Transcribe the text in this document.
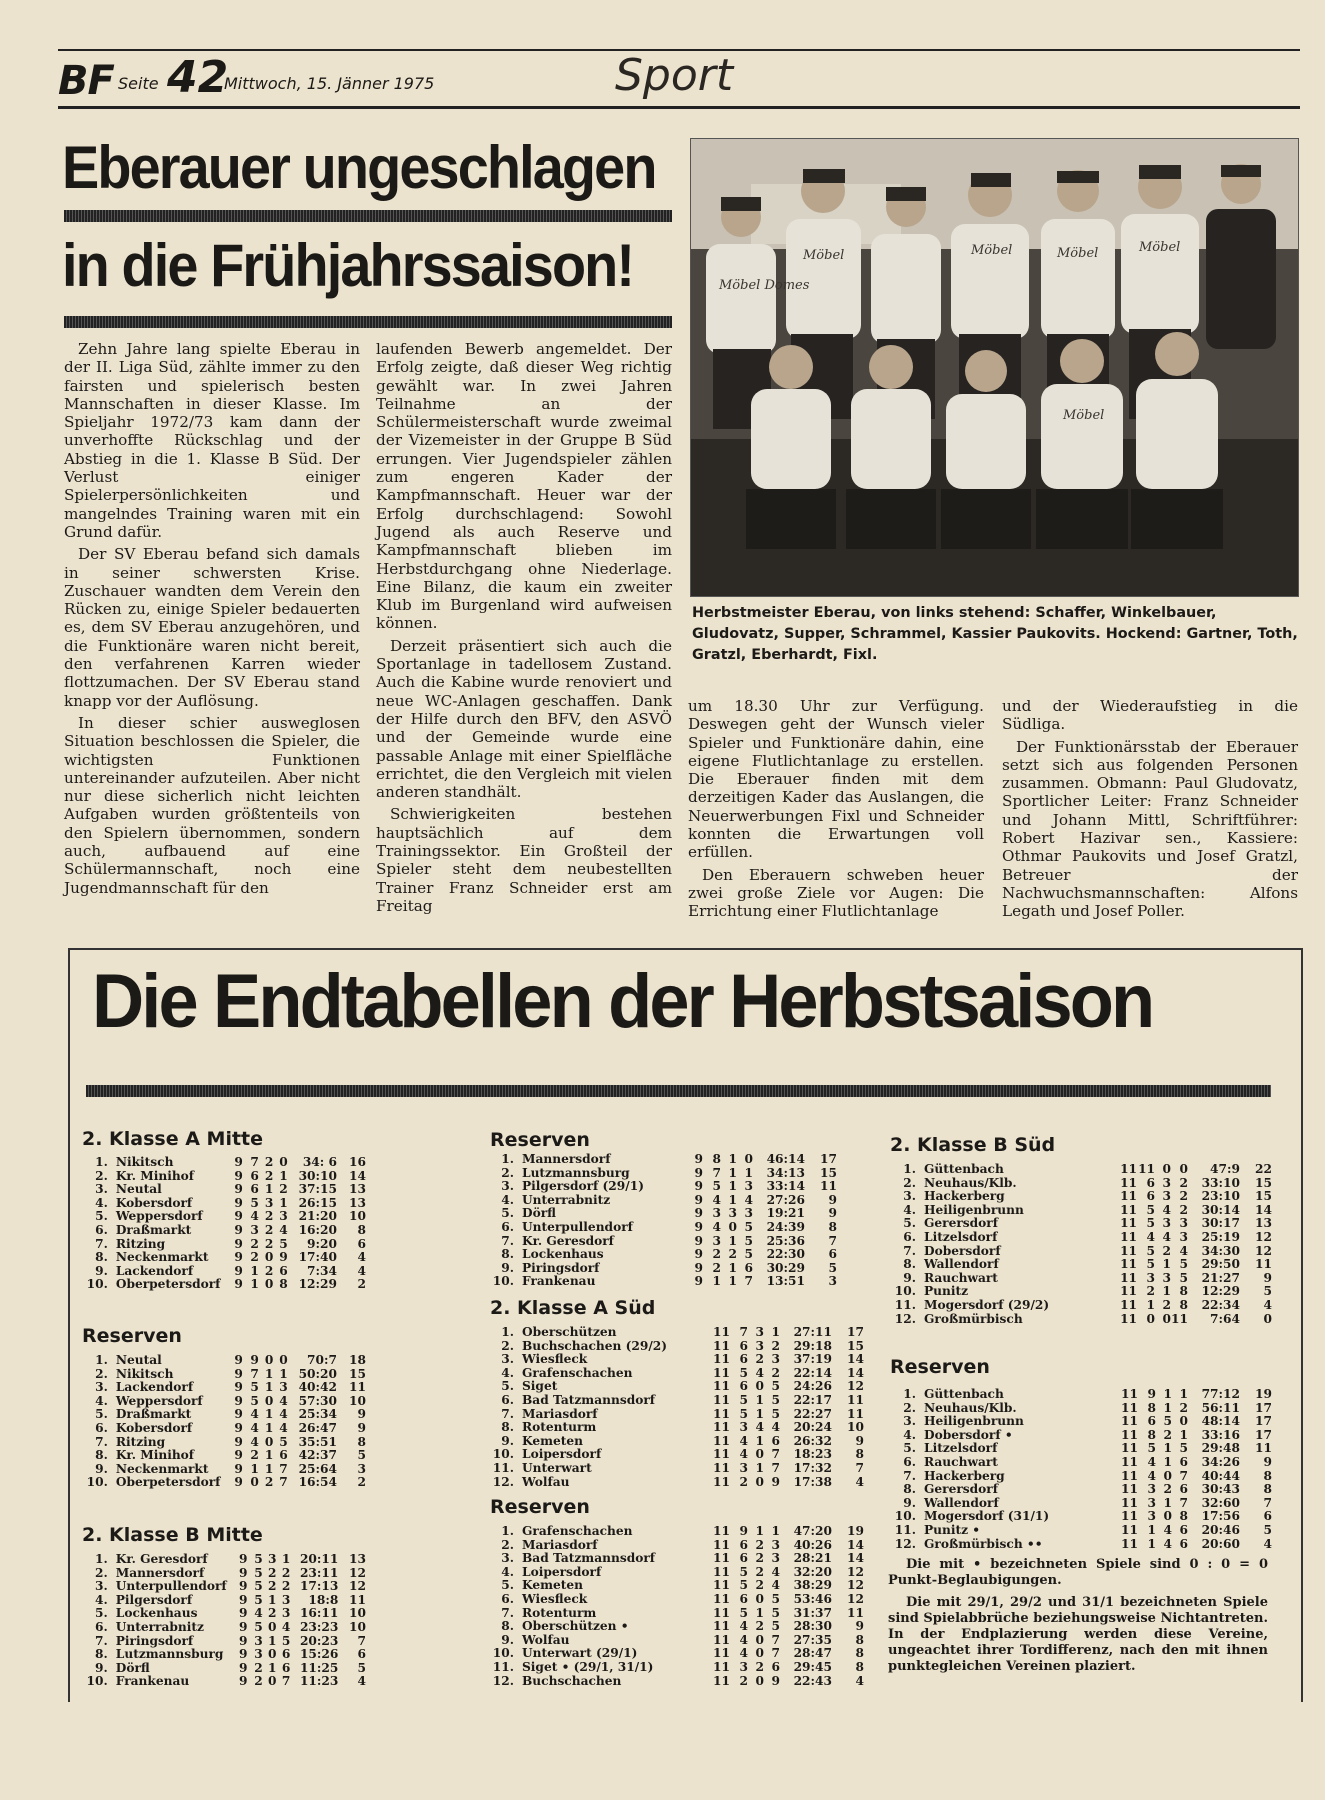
BF Seite 42
Mittwoch, 15. Jänner 1975	Sport
Eberauer ungeschlagen
in die Frühjahrssaison!

Zehn Jahre lang spielte Eberau in der II. Liga Süd, zählte immer zu den fairsten und spielerisch besten Mannschaften in dieser Klasse. Im Spieljahr 1972/73 kam dann der unverhoffte Rückschlag und der Abstieg in die 1. Klasse B Süd. Der Verlust einiger Spielerpersönlichkeiten und mangelndes Training waren mit ein Grund dafür.

Der SV Eberau befand sich damals in seiner schwersten Krise. Zuschauer wandten dem Verein den Rücken zu, einige Spieler bedauerten es, dem SV Eberau anzugehören, und die Funktionäre waren nicht bereit, den verfahrenen Karren wieder flottzumachen. Der SV Eberau stand knapp vor der Auflösung.

In dieser schier ausweglosen Situation beschlossen die Spieler, die wichtigsten Funktionen untereinander aufzuteilen. Aber nicht nur diese sicherlich nicht leichten Aufgaben wurden größtenteils von den Spielern übernommen, sondern auch, aufbauend auf eine Schülermannschaft, noch eine Jugendmannschaft für den

laufenden Bewerb angemeldet. Der Erfolg zeigte, daß dieser Weg richtig gewählt war. In zwei Jahren Teilnahme an der Schülermeisterschaft wurde zweimal der Vizemeister in der Gruppe B Süd errungen. Vier Jugendspieler zählen zum engeren Kader der Kampfmannschaft. Heuer war der Erfolg durchschlagend: Sowohl Jugend als auch Reserve und Kampfmannschaft blieben im Herbstdurchgang ohne Niederlage. Eine Bilanz, die kaum ein zweiter Klub im Burgenland wird aufweisen können.

Derzeit präsentiert sich auch die Sportanlage in tadellosem Zustand. Auch die Kabine wurde renoviert und neue WC-Anlagen geschaffen. Dank der Hilfe durch den BFV, den ASVÖ und der Gemeinde wurde eine passable Anlage mit einer Spielfläche errichtet, die den Vergleich mit vielen anderen standhält.

Schwierigkeiten bestehen hauptsächlich auf dem Trainingssektor. Ein Großteil der Spieler steht dem neubestellten Trainer Franz Schneider erst am Freitag

um 18.30 Uhr zur Verfügung. Deswegen geht der Wunsch vieler Spieler und Funktionäre dahin, eine eigene Flutlichtanlage zu erstellen. Die Eberauer finden mit dem derzeitigen Kader das Auslangen, die Neuerwerbungen Fixl und Schneider konnten die Erwartungen voll erfüllen.

Den Eberauern schweben heuer zwei große Ziele vor Augen: Die Errichtung einer Flutlichtanlage

und der Wiederaufstieg in die Südliga.

Der Funktionärsstab der Eberauer setzt sich aus folgenden Personen zusammen. Obmann: Paul Gludovatz, Sportlicher Leiter: Franz Schneider und Johann Mittl, Schriftführer: Robert Hazivar sen., Kassiere: Othmar Paukovits und Josef Gratzl, Betreuer der Nachwuchsmannschaften: Alfons Legath und Josef Poller.

Möbel Domes
Möbel	Möbel	Möbel	Möbel
Möbel
Herbstmeister Eberau, von links stehend: Schaffer, Winkelbauer, Gludovatz, Supper, Schrammel, Kassier Paukovits. Hockend: Gartner, Toth, Gratzl, Eberhardt, Fixl.
Die Endtabellen der Herbstsaison
2. Klasse A Mitte
1.	Nikitsch	9	7	2	0	34: 6	16
2.	Kr. Minihof	9	6	2	1	30:10	14
3.	Neutal	9	6	1	2	37:15	13
4.	Kobersdorf	9	5	3	1	26:15	13
5.	Weppersdorf	9	4	2	3	21:20	10
6.	Draßmarkt	9	3	2	4	16:20	8
7.	Ritzing	9	2	2	5	9:20	6
8.	Neckenmarkt	9	2	0	9	17:40	4
9.	Lackendorf	9	1	2	6	7:34	4
10.	Oberpetersdorf	9	1	0	8	12:29	2
Reserven
1.	Neutal	9	9	0	0	70:7	18
2.	Nikitsch	9	7	1	1	50:20	15
3.	Lackendorf	9	5	1	3	40:42	11
4.	Weppersdorf	9	5	0	4	57:30	10
5.	Draßmarkt	9	4	1	4	25:34	9
6.	Kobersdorf	9	4	1	4	26:47	9
7.	Ritzing	9	4	0	5	35:51	8
8.	Kr. Minihof	9	2	1	6	42:37	5
9.	Neckenmarkt	9	1	1	7	25:64	3
10.	Oberpetersdorf	9	0	2	7	16:54	2
2. Klasse B Mitte
1.	Kr. Geresdorf	9	5	3	1	20:11	13
2.	Mannersdorf	9	5	2	2	23:11	12
3.	Unterpullendorf	9	5	2	2	17:13	12
4.	Pilgersdorf	9	5	1	3	18:8	11
5.	Lockenhaus	9	4	2	3	16:11	10
6.	Unterrabnitz	9	5	0	4	23:23	10
7.	Piringsdorf	9	3	1	5	20:23	7
8.	Lutzmannsburg	9	3	0	6	15:26	6
9.	Dörfl	9	2	1	6	11:25	5
10.	Frankenau	9	2	0	7	11:23	4
Reserven
1.	Mannersdorf	9	8	1	0	46:14	17
2.	Lutzmannsburg	9	7	1	1	34:13	15
3.	Pilgersdorf (29/1)	9	5	1	3	33:14	11
4.	Unterrabnitz	9	4	1	4	27:26	9
5.	Dörfl	9	3	3	3	19:21	9
6.	Unterpullendorf	9	4	0	5	24:39	8
7.	Kr. Geresdorf	9	3	1	5	25:36	7
8.	Lockenhaus	9	2	2	5	22:30	6
9.	Piringsdorf	9	2	1	6	30:29	5
10.	Frankenau	9	1	1	7	13:51	3
2. Klasse A Süd
1.	Oberschützen	11	7	3	1	27:11	17
2.	Buchschachen (29/2)	11	6	3	2	29:18	15
3.	Wiesfleck	11	6	2	3	37:19	14
4.	Grafenschachen	11	5	4	2	22:14	14
5.	Siget	11	6	0	5	24:26	12
6.	Bad Tatzmannsdorf	11	5	1	5	22:17	11
7.	Mariasdorf	11	5	1	5	22:27	11
8.	Rotenturm	11	3	4	4	20:24	10
9.	Kemeten	11	4	1	6	26:32	9
10.	Loipersdorf	11	4	0	7	18:23	8
11.	Unterwart	11	3	1	7	17:32	7
12.	Wolfau	11	2	0	9	17:38	4
Reserven
1.	Grafenschachen	11	9	1	1	47:20	19
2.	Mariasdorf	11	6	2	3	40:26	14
3.	Bad Tatzmannsdorf	11	6	2	3	28:21	14
4.	Loipersdorf	11	5	2	4	32:20	12
5.	Kemeten	11	5	2	4	38:29	12
6.	Wiesfleck	11	6	0	5	53:46	12
7.	Rotenturm	11	5	1	5	31:37	11
8.	Oberschützen •	11	4	2	5	28:30	9
9.	Wolfau	11	4	0	7	27:35	8
10.	Unterwart (29/1)	11	4	0	7	28:47	8
11.	Siget • (29/1, 31/1)	11	3	2	6	29:45	8
12.	Buchschachen	11	2	0	9	22:43	4
2. Klasse B Süd
1.	Güttenbach	11	11	0	0	47:9	22
2.	Neuhaus/Klb.	11	6	3	2	33:10	15
3.	Hackerberg	11	6	3	2	23:10	15
4.	Heiligenbrunn	11	5	4	2	30:14	14
5.	Gerersdorf	11	5	3	3	30:17	13
6.	Litzelsdorf	11	4	4	3	25:19	12
7.	Dobersdorf	11	5	2	4	34:30	12
8.	Wallendorf	11	5	1	5	29:50	11
9.	Rauchwart	11	3	3	5	21:27	9
10.	Punitz	11	2	1	8	12:29	5
11.	Mogersdorf (29/2)	11	1	2	8	22:34	4
12.	Großmürbisch	11	0	0	11	7:64	0
Reserven
1.	Güttenbach	11	9	1	1	77:12	19
2.	Neuhaus/Klb.	11	8	1	2	56:11	17
3.	Heiligenbrunn	11	6	5	0	48:14	17
4.	Dobersdorf •	11	8	2	1	33:16	17
5.	Litzelsdorf	11	5	1	5	29:48	11
6.	Rauchwart	11	4	1	6	34:26	9
7.	Hackerberg	11	4	0	7	40:44	8
8.	Gerersdorf	11	3	2	6	30:43	8
9.	Wallendorf	11	3	1	7	32:60	7
10.	Mogersdorf (31/1)	11	3	0	8	17:56	6
11.	Punitz •	11	1	4	6	20:46	5
12.	Großmürbisch ••	11	1	4	6	20:60	4
Die mit • bezeichneten Spiele sind 0 : 0 = 0 Punkt-Beglaubigungen.
Die mit 29/1, 29/2 und 31/1 bezeichneten Spiele sind Spielabbrüche beziehungsweise Nichtantreten. In der Endplazierung werden diese Vereine, ungeachtet ihrer Tordifferenz, nach den mit ihnen punktegleichen Vereinen plaziert.
